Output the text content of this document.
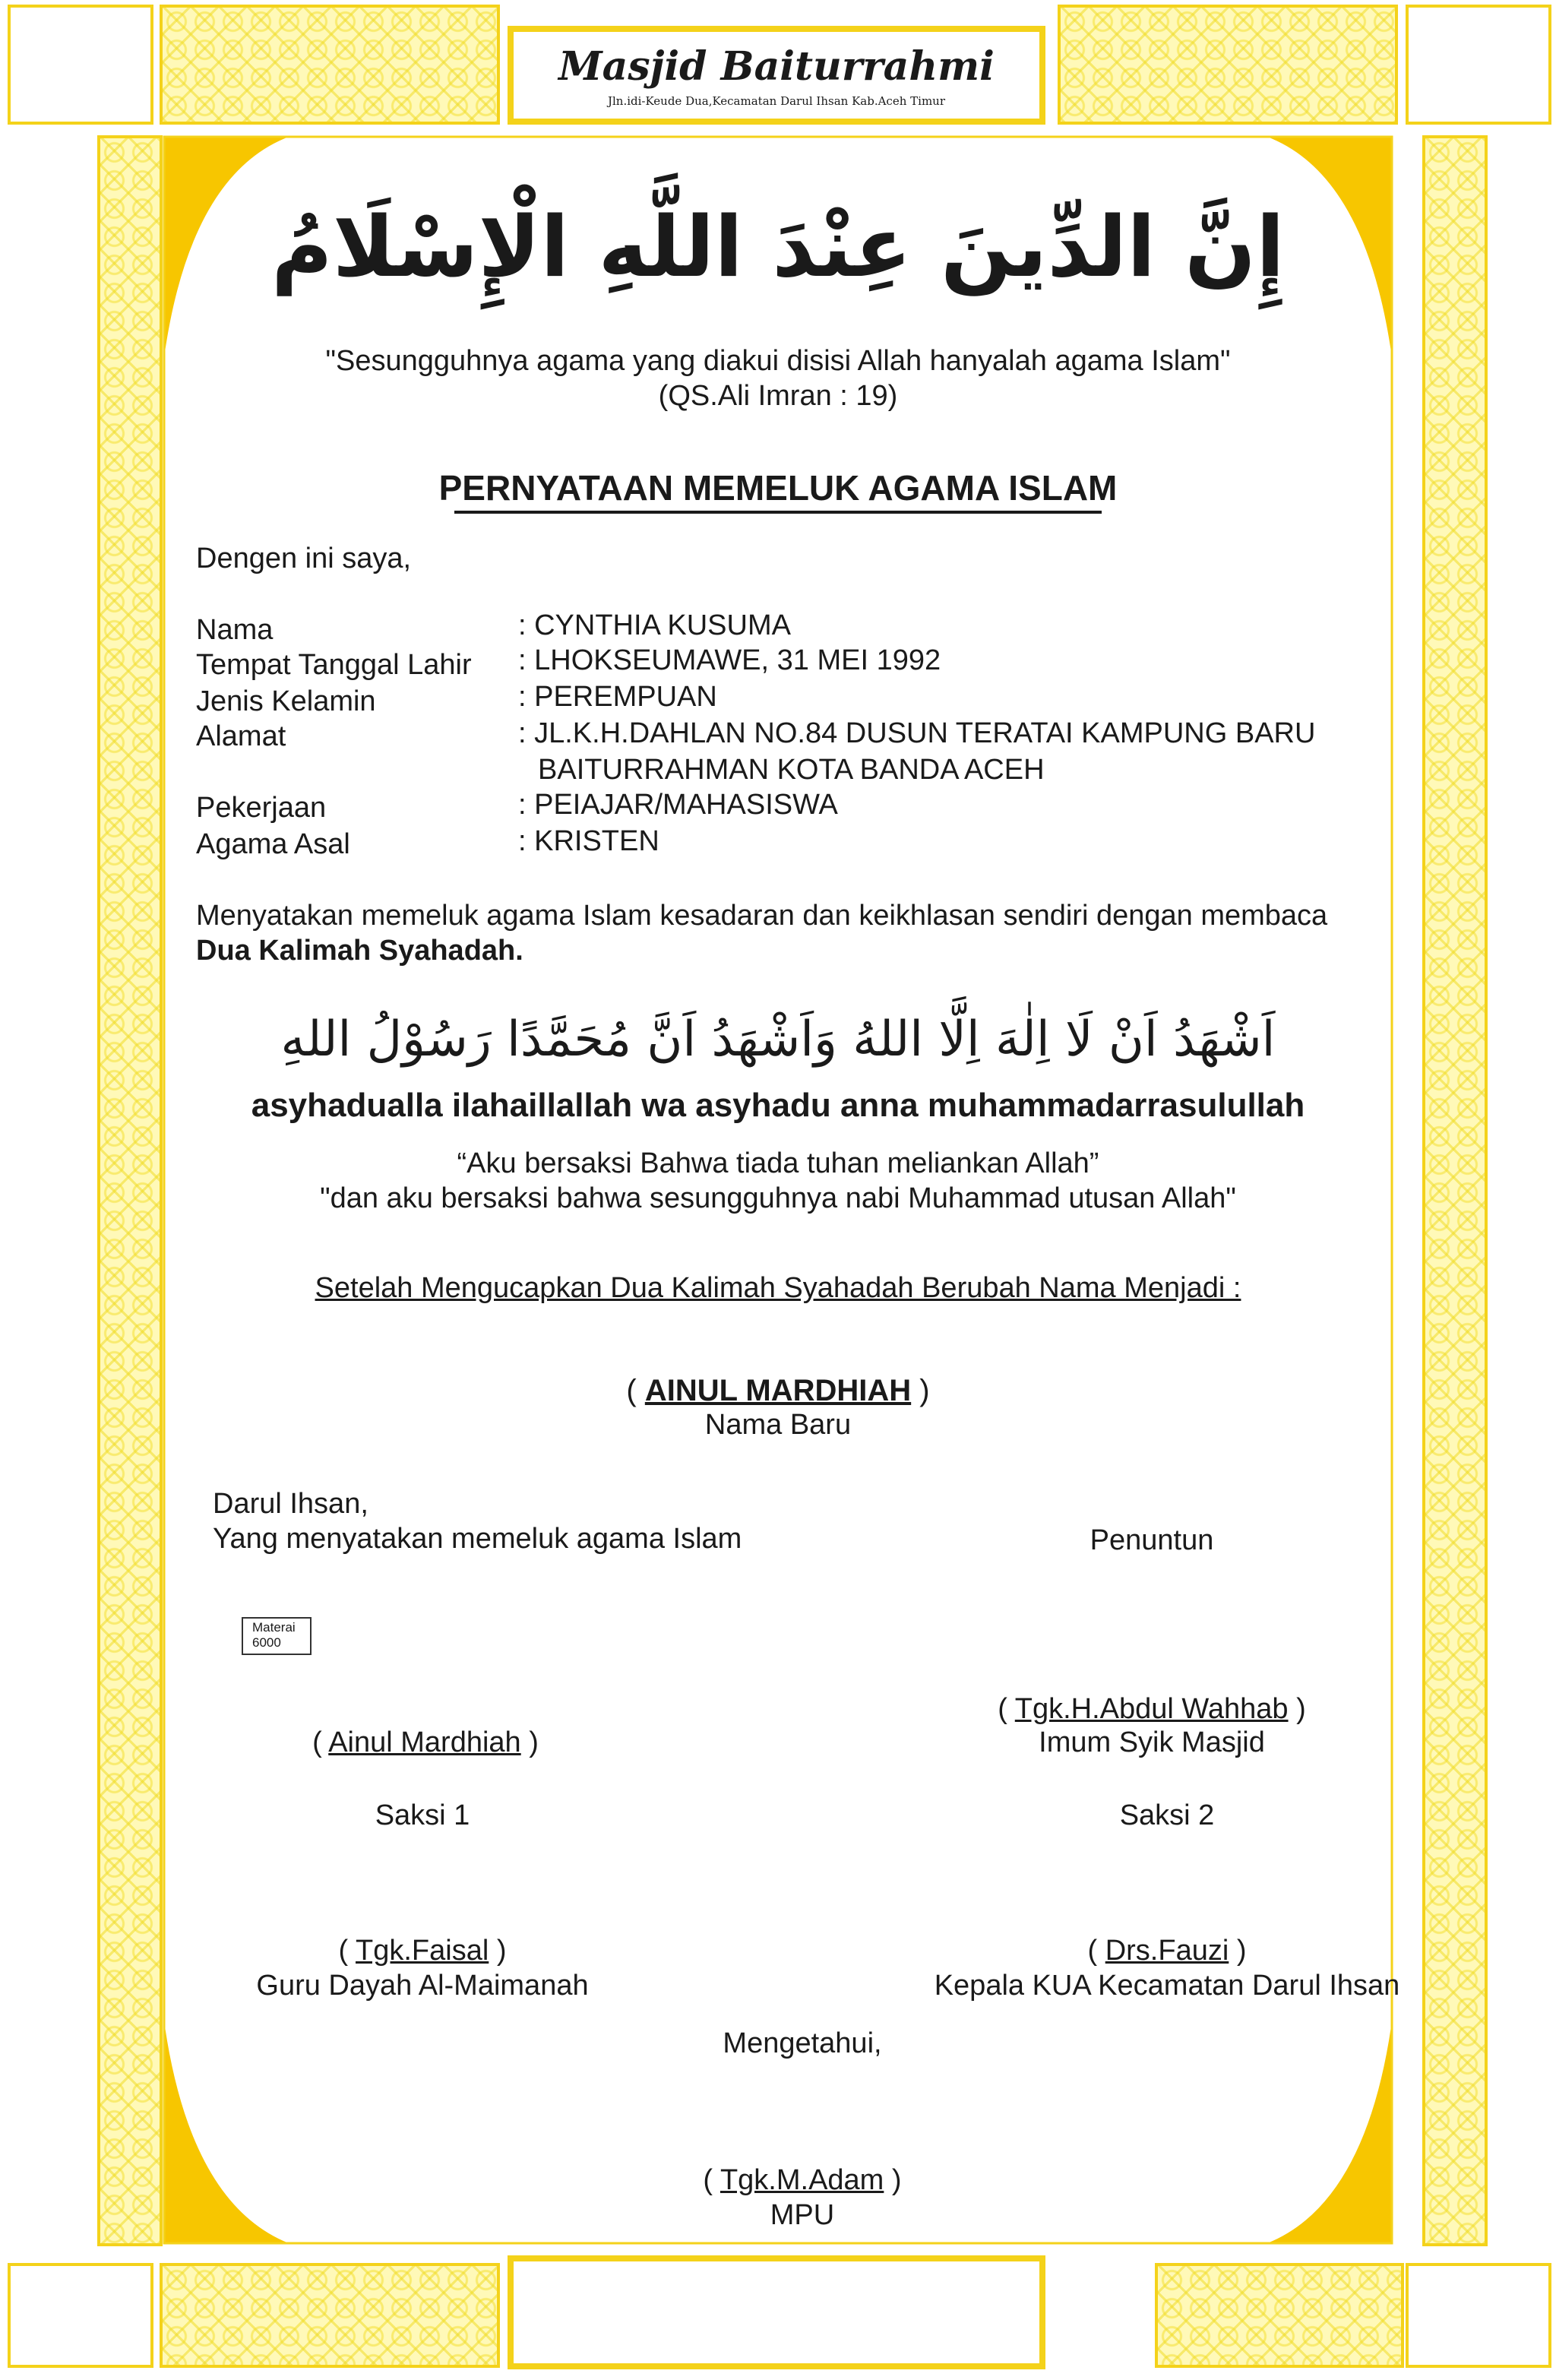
Masjid Baiturrahmi
Jln.idi-Keude Dua,Kecamatan Darul Ihsan Kab.Aceh Timur
إِنَّ الدِّينَ عِنْدَ اللَّهِ الْإِسْلَامُ
"Sesungguhnya agama yang diakui disisi Allah hanyalah agama Islam"
(QS.Ali Imran : 19)
PERNYATAAN MEMELUK AGAMA ISLAM
Dengen ini saya,
Nama	: CYNTHIA KUSUMA
Tempat Tanggal Lahir : LHOKSEUMAWE, 31 MEI 1992
Jenis Kelamin	: PEREMPUAN
Alamat	: JL.K.H.DAHLAN NO.84 DUSUN TERATAI KAMPUNG BARU
BAITURRAHMAN KOTA BANDA ACEH
Pekerjaan	: PEIAJAR/MAHASISWA
Agama Asal	: KRISTEN
Menyatakan memeluk agama Islam kesadaran dan keikhlasan sendiri dengan membaca
Dua Kalimah Syahadah.
اَشْهَدُ اَنْ لَا اِلٰهَ اِلَّا اللهُ وَاَشْهَدُ اَنَّ مُحَمَّدًا رَسُوْلُ اللهِ
asyhadualla ilahaillallah wa asyhadu anna muhammadarrasulullah
“Aku bersaksi Bahwa tiada tuhan meliankan Allah”
"dan aku bersaksi bahwa sesungguhnya nabi Muhammad utusan Allah"
Setelah Mengucapkan Dua Kalimah Syahadah Berubah Nama Menjadi :
( AINUL MARDHIAH )
Nama Baru
Darul Ihsan,
Yang menyatakan memeluk agama Islam	Penuntun
Materai
6000
( Ainul Mardhiah )
( Tgk.H.Abdul Wahhab )
Imum Syik Masjid
Saksi 1	Saksi 2
( Tgk.Faisal )
Guru Dayah Al-Maimanah
( Drs.Fauzi )
Kepala KUA Kecamatan Darul Ihsan
Mengetahui,
( Tgk.M.Adam )
MPU
